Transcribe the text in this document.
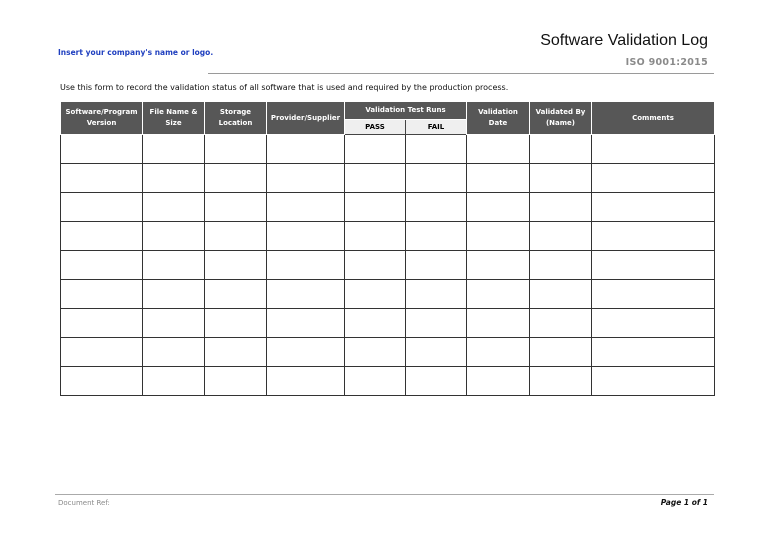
Insert your company's name or logo.
Software Validation Log
ISO 9001:2015
Use this form to record the validation status of all software that is used and required by the production process.
Software/Program Version	File Name & Size	Storage Location	Provider/Supplier	Validation Test Runs		Validation Date	Validated By (Name)	Comments
				PASS	FAIL			

Document Ref:	Page 1 of 1
